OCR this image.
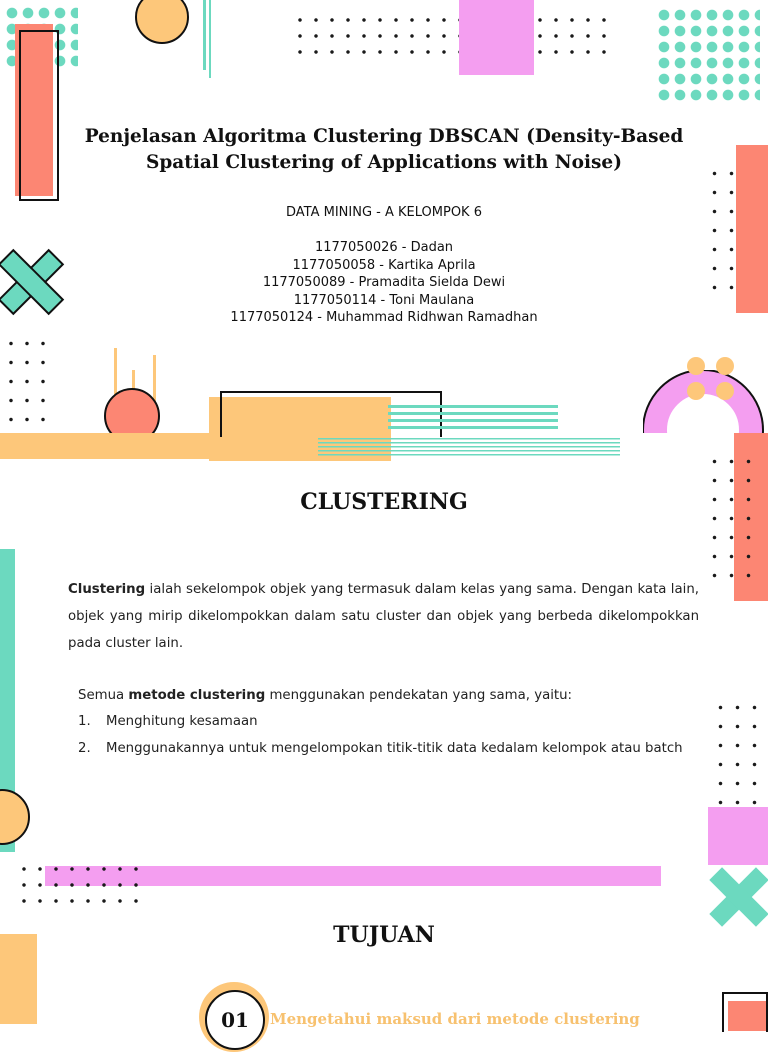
Penjelasan Algoritma Clustering DBSCAN (Density-Based Spatial Clustering of Applications with Noise)
DATA MINING - A KELOMPOK 6
1177050026 - Dadan
1177050058 - Kartika Aprila
1177050089 - Pramadita Sielda Dewi
1177050114 - Toni Maulana
1177050124 - Muhammad Ridhwan Ramadhan
CLUSTERING
Clustering ialah sekelompok objek yang termasuk dalam kelas yang sama. Dengan kata lain, objek yang mirip dikelompokkan dalam satu cluster dan objek yang berbeda dikelompokkan pada cluster lain.
Semua metode clustering menggunakan pendekatan yang sama, yaitu:
1. Menghitung kesamaan
2. Menggunakannya untuk mengelompokan titik-titik data kedalam kelompok atau batch
TUJUAN
01	Mengetahui maksud dari metode clustering
